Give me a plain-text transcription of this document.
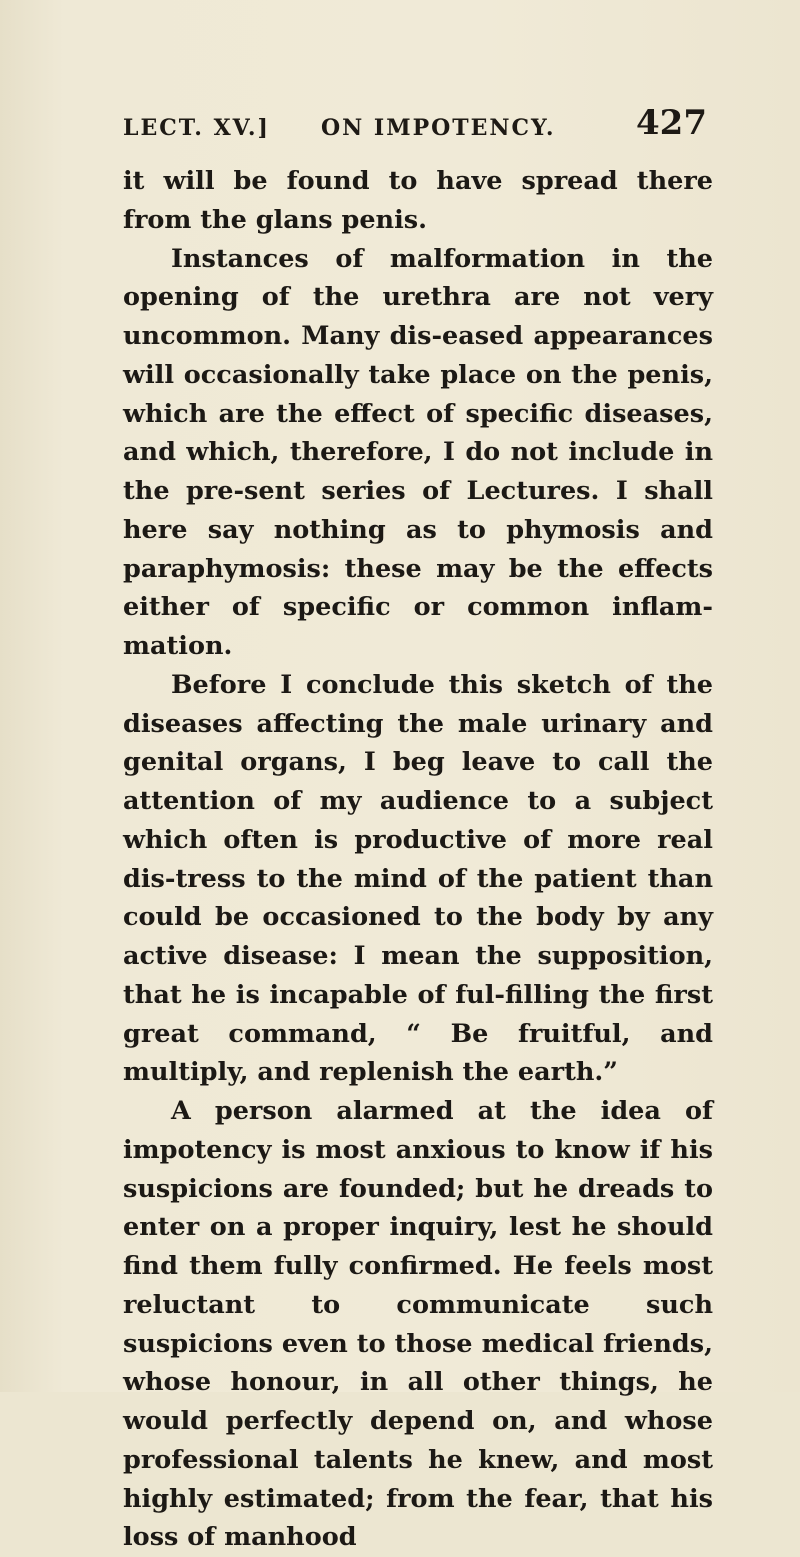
LECT. XV.] ON IMPOTENCY. 427

it will be found to have spread there from the glans penis.

Instances of malformation in the opening of the urethra are not very uncommon. Many dis-eased appearances will occasionally take place on the penis, which are the effect of specific diseases, and which, therefore, I do not include in the pre-sent series of Lectures. I shall here say nothing as to phymosis and paraphymosis: these may be the effects either of specific or common inflam-mation.

Before I conclude this sketch of the diseases affecting the male urinary and genital organs, I beg leave to call the attention of my audience to a subject which often is productive of more real dis-tress to the mind of the patient than could be occasioned to the body by any active disease: I mean the supposition, that he is incapable of ful-filling the first great command, “ Be fruitful, and multiply, and replenish the earth.”

A person alarmed at the idea of impotency is most anxious to know if his suspicions are founded; but he dreads to enter on a proper inquiry, lest he should find them fully confirmed. He feels most reluctant to communicate such suspicions even to those medical friends, whose honour, in all other things, he would perfectly depend on, and whose professional talents he knew, and most highly estimated; from the fear, that his loss of manhood
